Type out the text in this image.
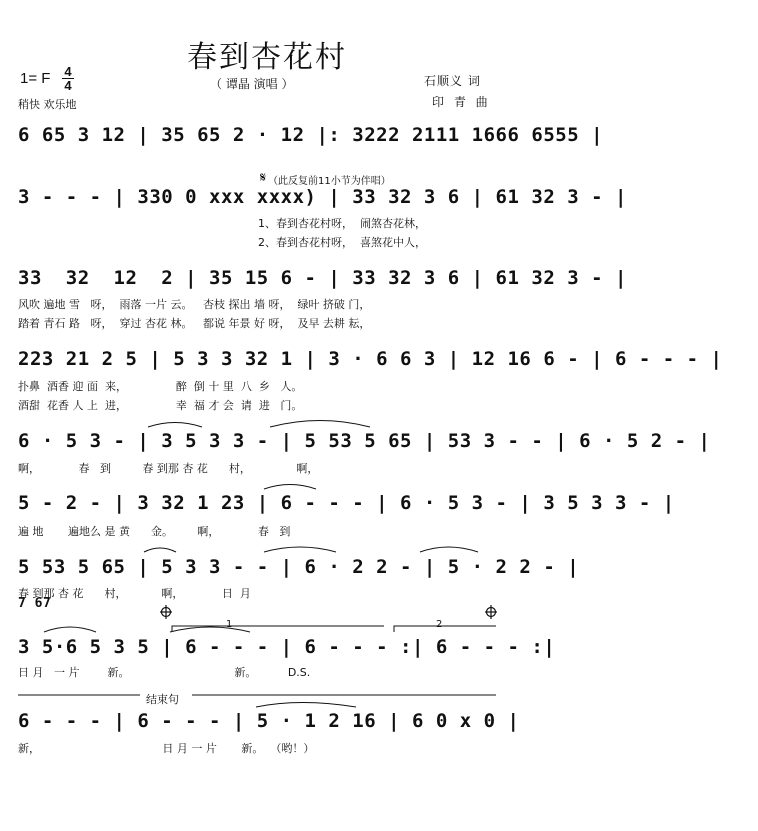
春到杏花村
1= F 4
4
稍快 欢乐地
（ 谭晶 演唱 ）	石顺义 词
印 青 曲
6 65 3 12 | 35 65 2 · 12 |: 3222 2111 1666 6555 |
（此反复前11小节为伴唱）
3 - - - | 330 0 xxx xxxx) | 33 32 3 6 | 61 32 3 - |
1、春到杏花村呀，  闹煞杏花林，
2、春到杏花村呀，  喜煞花中人，
33  32  12  2 | 35 15 6 - | 33 32 3 6 | 61 32 3 - |
风吹 遍地 雪   呀，  雨落 一片 云。   杏枝 探出 墙 呀，  绿叶 挤破 门，
踏着 青石 路   呀，  穿过 杏花 林。   都说 年景 好 呀，  及早 去耕 耘，
223 21 2 5 | 5 3 3 32 1 | 3 · 6 6 3 | 12 16 6 - | 6 - - - |
扑鼻  酒香 迎 面  来，              醉  倒 十 里  八  乡   人。
酒甜  花香 人 上  进，              幸  福 才 会  请  进   门。
6 · 5 3 - | 3 5 3 3 - | 5 53 5 65 | 53 3 - - | 6 · 5 2 - |
啊，           春   到         春 到那 杏 花      村，             啊，
5 - 2 - | 3 32 1 23 | 6 - - - | 6 · 5 3 - | 3 5 3 3 - |
遍 地       遍地么 是 黄      金。       啊，           春   到
5 53 5 65 | 5 3 3 - - | 6 · 2 2 - | 5 · 2 2 - |
春 到那 杏 花      村，          啊，           日  月
7 67
1	2
3 5·6 5 3 5 | 6 - - - | 6 - - - :| 6 - - - :|
日 月   一 片        新。                              新。         D.S.
结束句
6 - - - | 6 - - - | 5 · 1 2 16 | 6 0 x 0 |
新，                                   日 月 一 片       新。  （哟！）
𝄋
